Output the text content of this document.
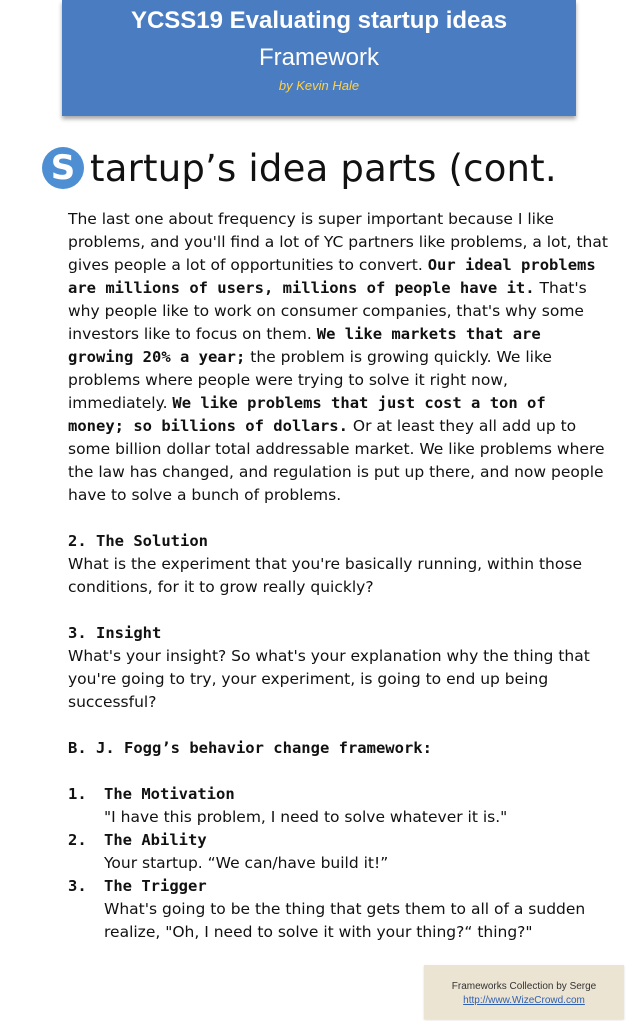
YCSS19 Evaluating startup ideas
Framework
by Kevin Hale
S tartup’s idea parts (cont.

The last one about frequency is super important because I like problems, and you'll find a lot of YC partners like problems, a lot, that gives people a lot of opportunities to convert. Our ideal problems are millions of users, millions of people have it. That's why people like to work on consumer companies, that's why some investors like to focus on them. We like markets that are growing 20% a year; the problem is growing quickly. We like problems where people were trying to solve it right now, immediately. We like problems that just cost a ton of money; so billions of dollars. Or at least they all add up to some billion dollar total addressable market. We like problems where the law has changed, and regulation is put up there, and now people have to solve a bunch of problems.

2. The Solution

What is the experiment that you're basically running, within those conditions, for it to grow really quickly?

3. Insight

What's your insight? So what's your explanation why the thing that you're going to try, your experiment, is going to end up being successful?

B. J. Fogg’s behavior change framework:

1.	The Motivation
"I have this problem, I need to solve whatever it is."
2.	The Ability
Your startup. “We can/have build it!”
3.	The Trigger
What's going to be the thing that gets them to all of a sudden realize, "Oh, I need to solve it with your thing?“ thing?"
Frameworks Collection by Serge
http://www.WizeCrowd.com
